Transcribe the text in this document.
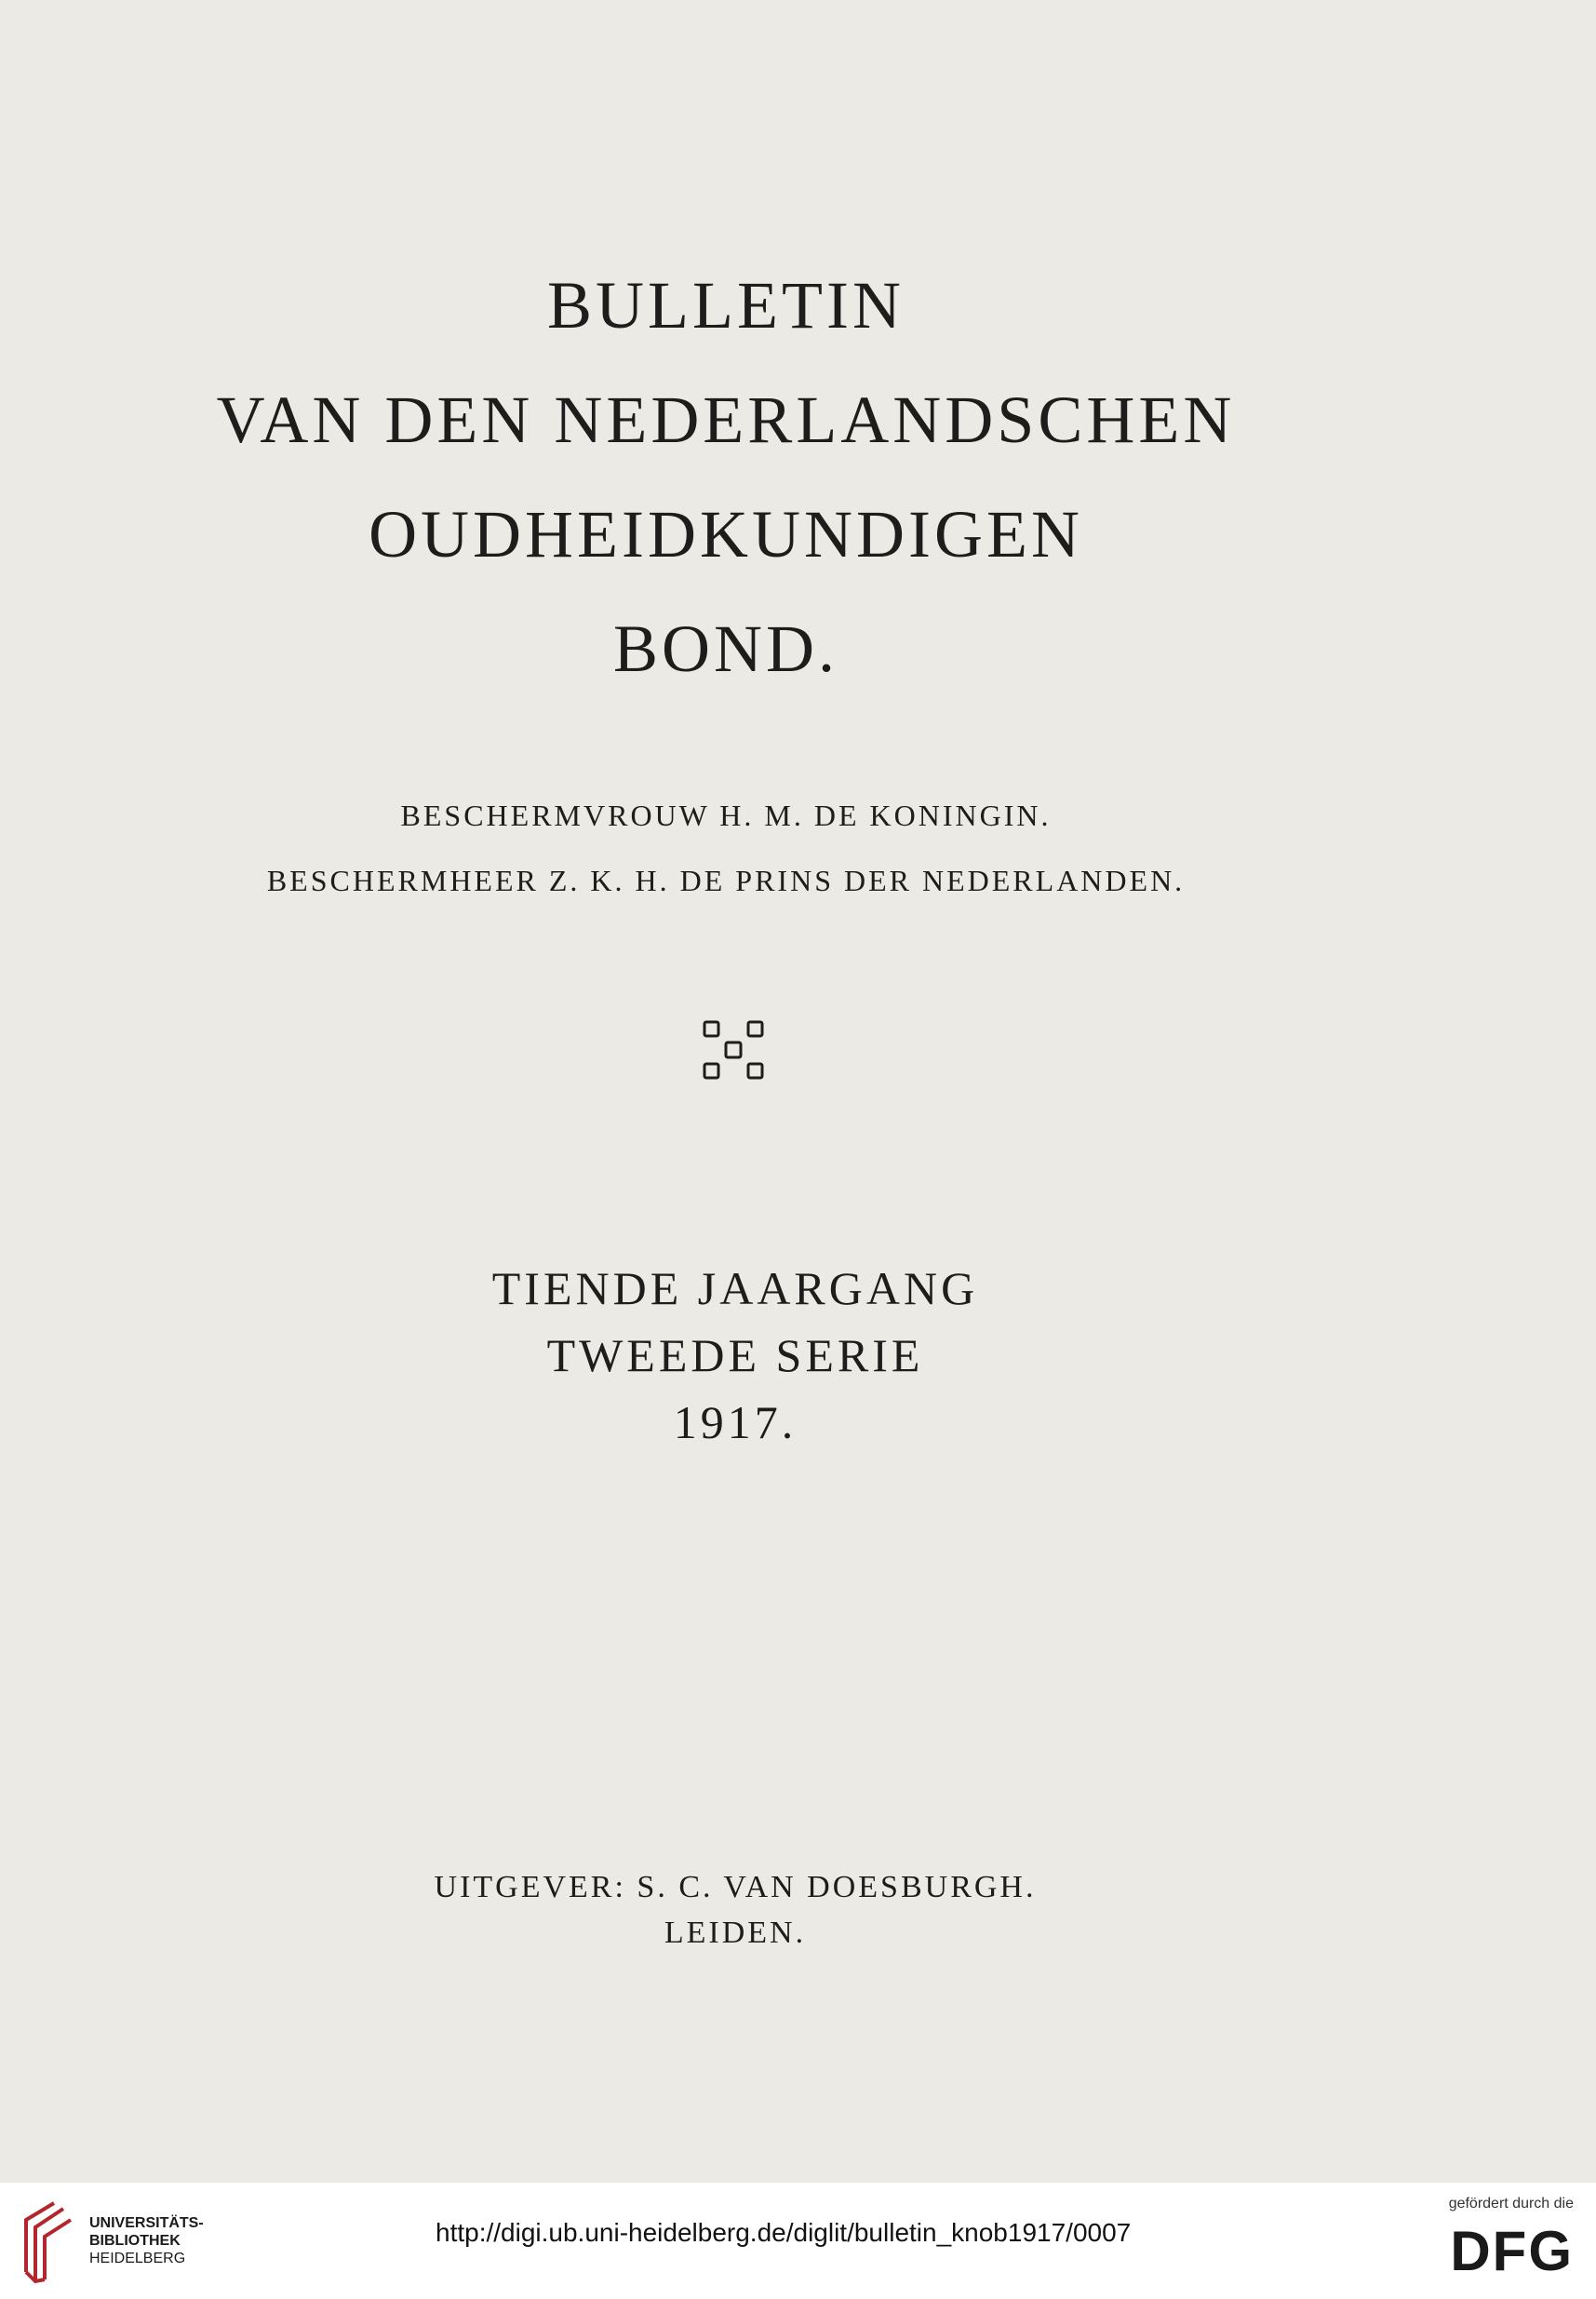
BULLETIN
VAN DEN NEDERLANDSCHEN
OUDHEIDKUNDIGEN
BOND.
BESCHERMVROUW H. M. DE KONINGIN.
BESCHERMHEER Z. K. H. DE PRINS DER NEDERLANDEN.
TIENDE JAARGANG
TWEEDE SERIE
1917.
UITGEVER: S. C. VAN DOESBURGH.
LEIDEN.
UNIVERSITÄTS-
BIBLIOTHEK
HEIDELBERG
http://digi.ub.uni-heidelberg.de/diglit/bulletin_knob1917/0007
gefördert durch die
DFG
